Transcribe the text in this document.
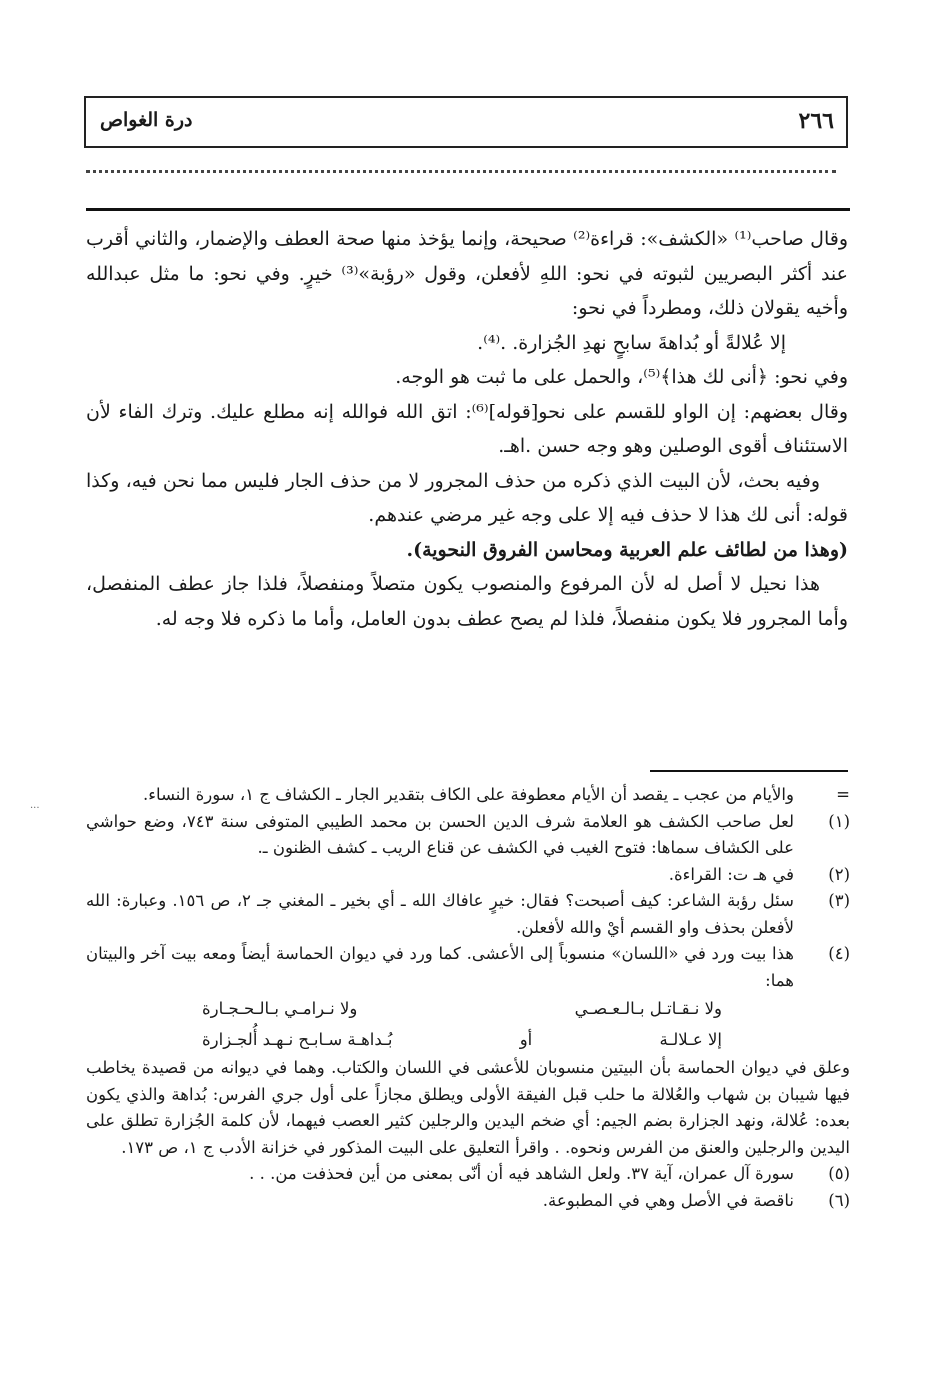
٢٦٦
درة الغواص

وقال صاحب⁽¹⁾ «الكشف»: قراءة⁽²⁾ صحيحة، وإنما يؤخذ منها صحة العطف والإضمار، والثاني أقرب عند أكثر البصريين لثبوته في نحو: اللهِ لأفعلن، وقول «رؤبة»⁽³⁾ خيرٍ. وفي نحو: ما مثل عبدالله وأخيه يقولان ذلك، ومطرداً في نحو:

إلا عُلالةً أو بُداهةَ سابحٍ نهدِ الجُزارة. .⁽⁴⁾.

وفي نحو: ﴿أنى لك هذا﴾⁽⁵⁾، والحمل على ما ثبت هو الوجه.

وقال بعضهم: إن الواو للقسم على نحو[قوله]⁽⁶⁾: اتق الله فوالله إنه مطلع عليك. وترك الفاء لأن الاستئناف أقوى الوصلين وهو وجه حسن .اهـ.

وفيه بحث، لأن البيت الذي ذكره من حذف المجرور لا من حذف الجار فليس مما نحن فيه، وكذا قوله: أنى لك هذا لا حذف فيه إلا على وجه غير مرضي عندهم.

(وهذا من لطائف علم العربية ومحاسن الفروق النحوية).

هذا نحيل لا أصل له لأن المرفوع والمنصوب يكون متصلاً ومنفصلاً، فلذا جاز عطف المنفصل، وأما المجرور فلا يكون منفصلاً، فلذا لم يصح عطف بدون العامل، وأما ما ذكره فلا وجه له.

...
=

والأيام من عجب ـ يقصد أن الأيام معطوفة على الكاف بتقدير الجار ـ الكشاف ج ١، سورة النساء.

(١)

لعل صاحب الكشف هو العلامة شرف الدين الحسن بن محمد الطيبي المتوفى سنة ٧٤٣، وضع حواشي على الكشاف سماها: فتوح الغيب في الكشف عن قناع الريب ـ كشف الظنون ـ.

(٢)

في هـ ت: القراءة.

(٣)

سئل رؤبة الشاعر: كيف أصبحت؟ فقال: خيرٍ عافاك الله ـ أي بخير ـ المغني جـ ٢، ص ١٥٦. وعبارة: الله لأفعلن بحذف واو القسم أيْ والله لأفعلن.

(٤)

هذا بيت ورد في «اللسان» منسوباً إلى الأعشى. كما ورد في ديوان الحماسة أيضاً ومعه بيت آخر والبيتان هما:

ولا نـقـاتـل بـالـعـصـي
ولا نـرامـي بـالـحـجـارة
إلا عـلالـة
أو
بُـداهـة سـابـح نـهـد أُلجـزارة

وعلق في ديوان الحماسة بأن البيتين منسوبان للأعشى في اللسان والكتاب. وهما في ديوانه من قصيدة يخاطب فيها شيبان بن شهاب والعُلالة ما حلب قبل الفيقة الأولى ويطلق مجازاً على أول جري الفرس: بُداهة والذي يكون بعده: عُلالة، ونهد الجزارة بضم الجيم: أي ضخم اليدين والرجلين كثير العصب فيهما، لأن كلمة الجُزارة تطلق على اليدين والرجلين والعنق من الفرس ونحوه. . واقرأ التعليق على البيت المذكور في خزانة الأدب ج ١، ص ١٧٣.

(٥)

سورة آل عمران، آية ٣٧. ولعل الشاهد فيه أن أنّى بمعنى من أين فحذفت من. . .

(٦)

ناقصة في الأصل وهي في المطبوعة.
